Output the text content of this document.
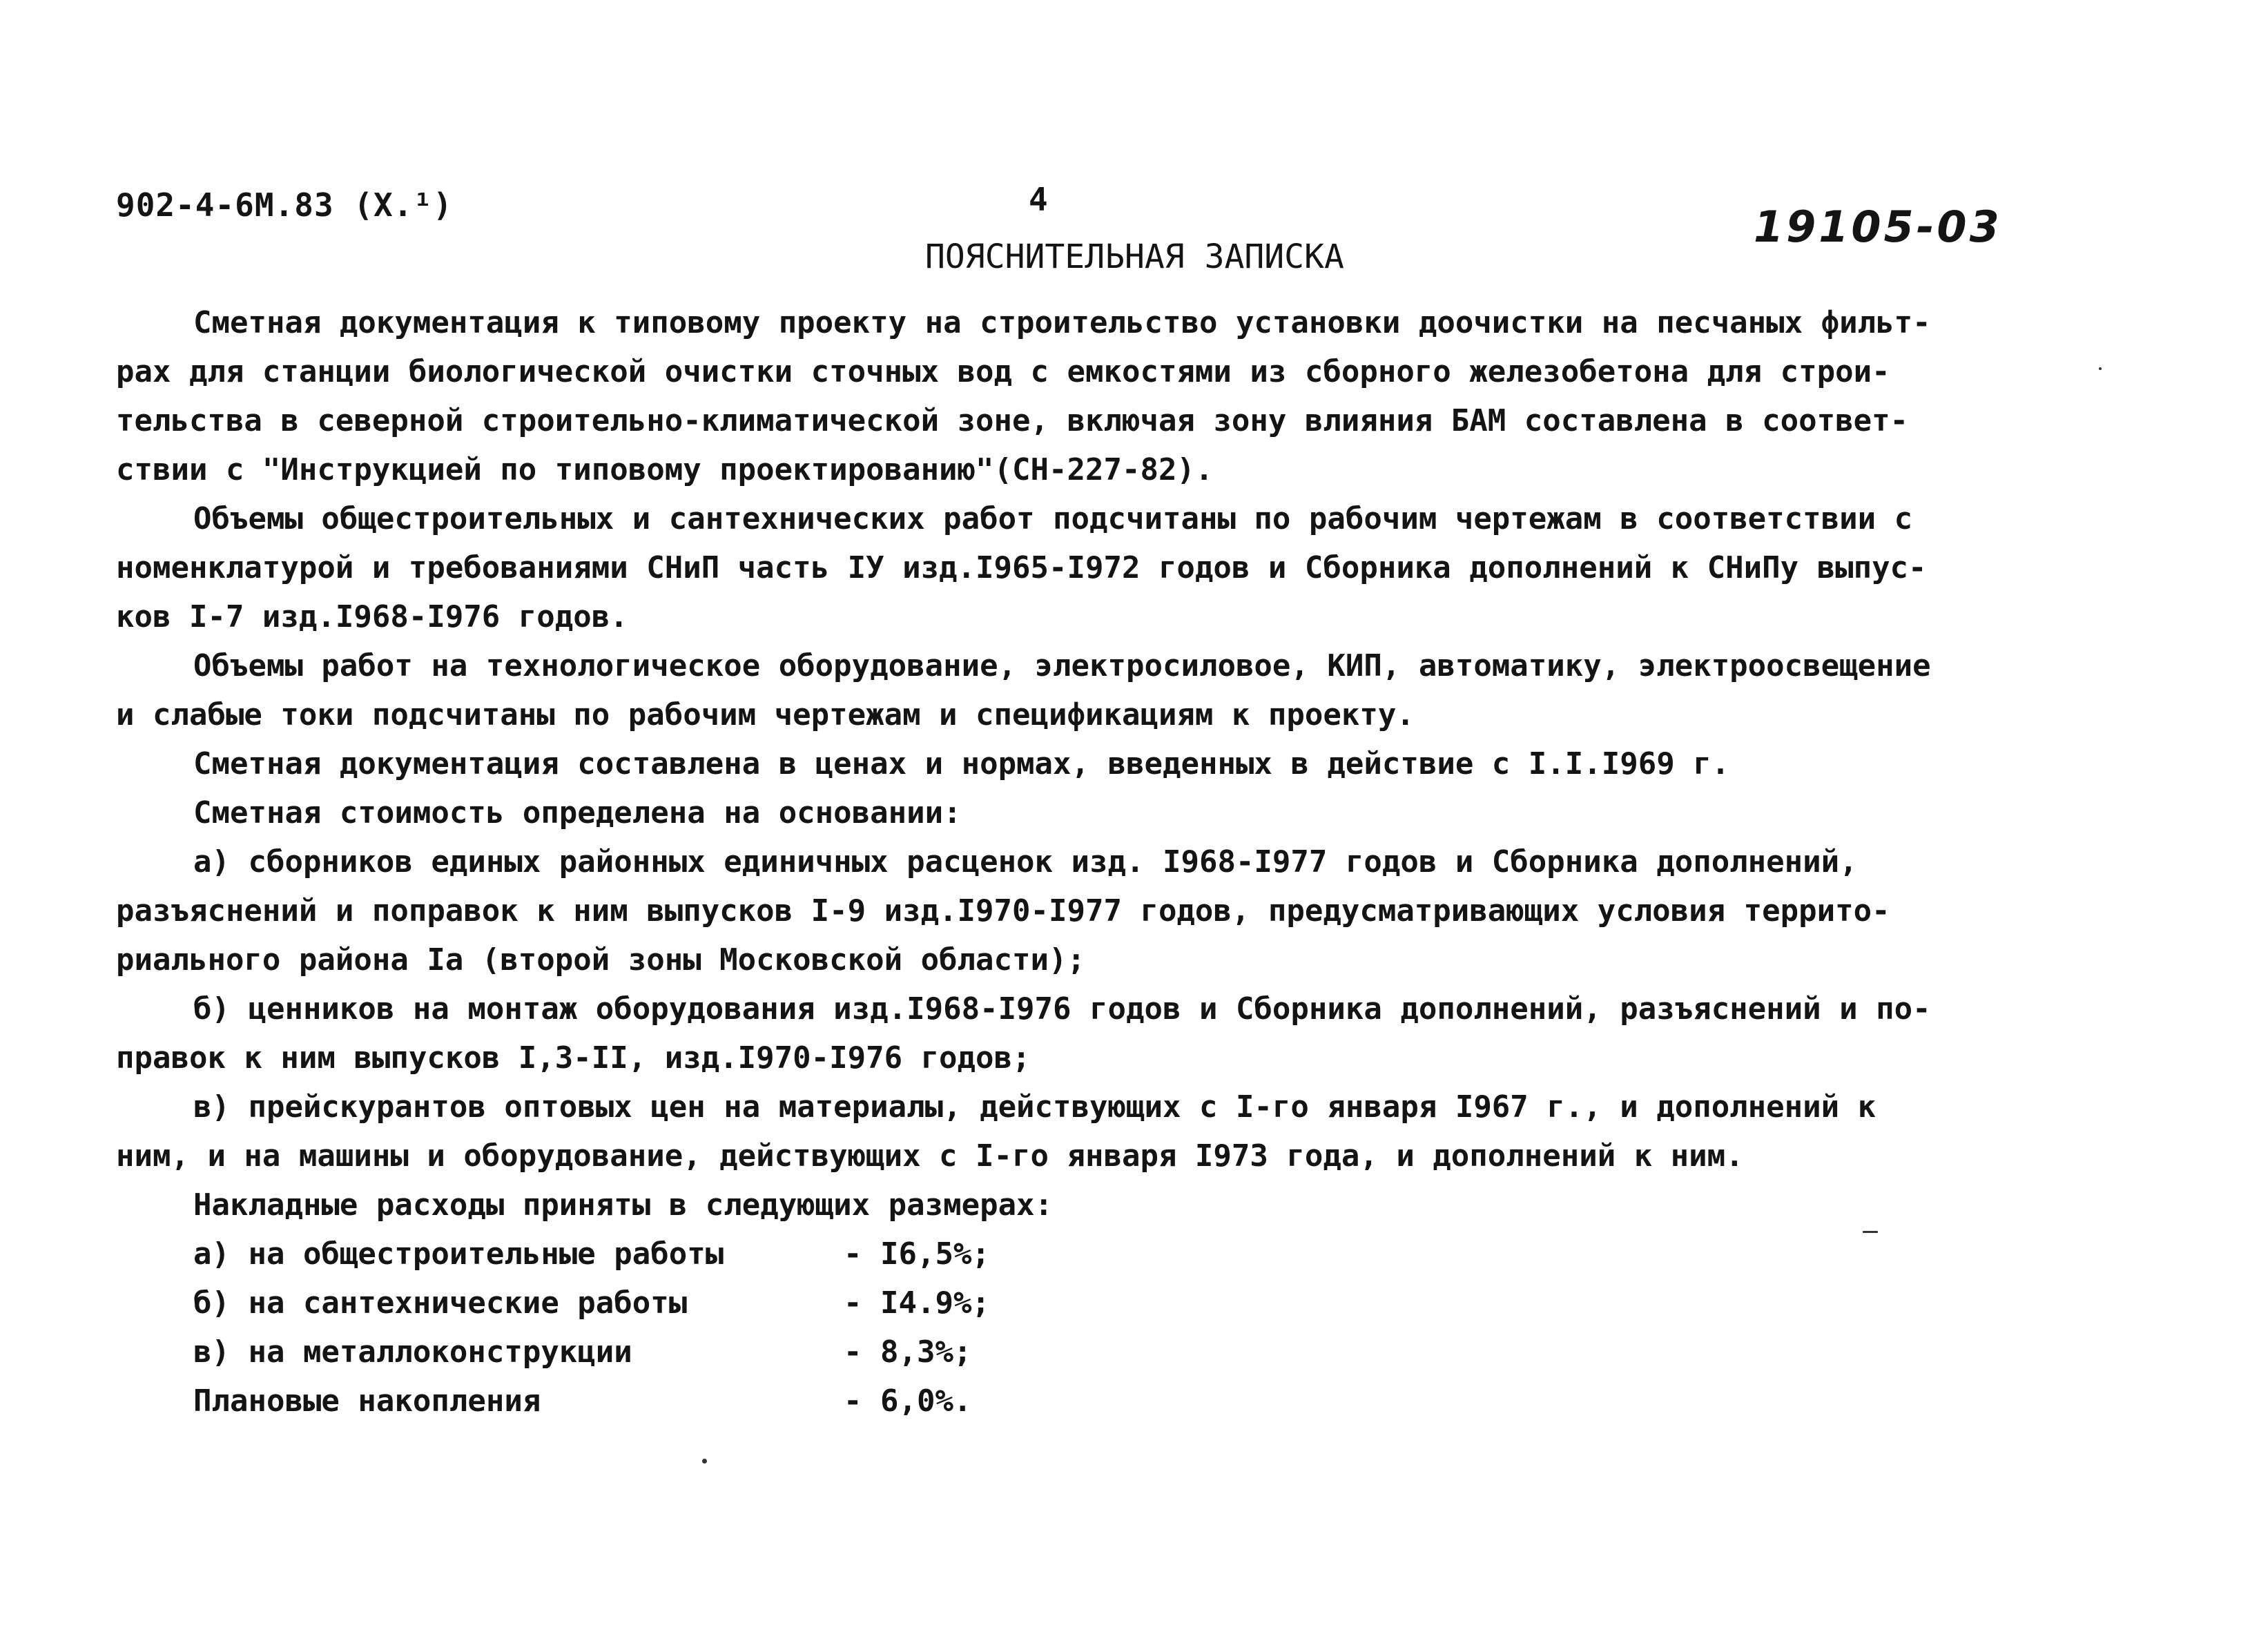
902-4-6М.83 (X.¹)	4
19105-03
ПОЯСНИТЕЛЬНАЯ ЗАПИСКА
Сметная документация к типовому проекту на строительство установки доочистки на песчаных фильт-
рах для станции биологической очистки сточных вод с емкостями из сборного железобетона для строи-
тельства в северной строительно-климатической зоне, включая зону влияния БАМ составлена в соответ-
ствии с "Инструкцией по типовому проектированию"(СН-227-82).
Объемы общестроительных и сантехнических работ подсчитаны по рабочим чертежам в соответствии с
номенклатурой и требованиями СНиП часть IУ изд.I965-I972 годов и Сборника дополнений к СНиПу выпус-
ков I-7 изд.I968-I976 годов.
Объемы работ на технологическое оборудование, электросиловое, КИП, автоматику, электроосвещение
и слабые токи подсчитаны по рабочим чертежам и спецификациям к проекту.
Сметная документация составлена в ценах и нормах, введенных в действие с I.I.I969 г.
Сметная стоимость определена на основании:
а) сборников единых районных единичных расценок изд. I968-I977 годов и Сборника дополнений,
разъяснений и поправок к ним выпусков I-9 изд.I970-I977 годов, предусматривающих условия террито-
риального района Iа (второй зоны Московской области);
б) ценников на монтаж оборудования изд.I968-I976 годов и Сборника дополнений, разъяснений и по-
правок к ним выпусков I,3-II, изд.I970-I976 годов;
в) прейскурантов оптовых цен на материалы, действующих с I-го января I967 г., и дополнений к
ним, и на машины и оборудование, действующих с I-го января I973 года, и дополнений к ним.
Накладные расходы приняты в следующих размерах:
а) на общестроительные работы	- I6,5%;
б) на сантехнические работы	- I4.9%;
в) на металлоконструкции	- 8,3%;
Плановые накопления	- 6,0%.
